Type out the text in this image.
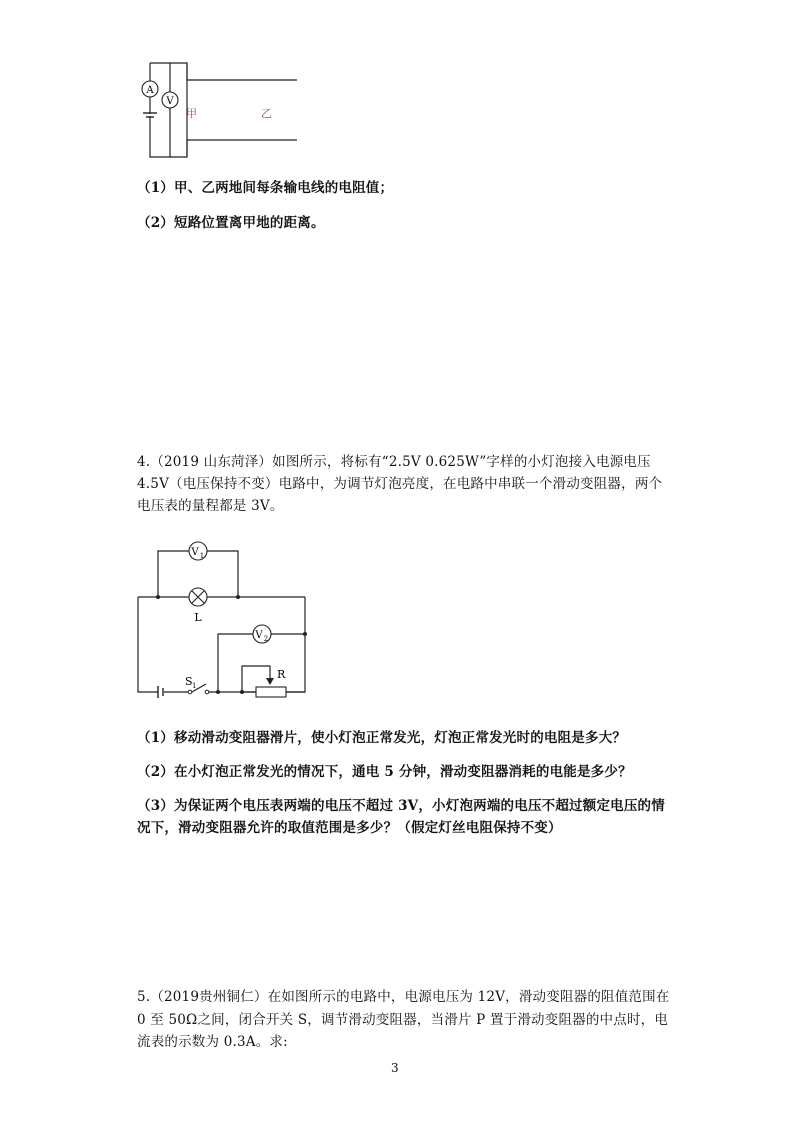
A
V
甲	乙
（1）甲、乙两地间每条输电线的电阻值；
（2）短路位置离甲地的距离。
4.（2019 山东菏泽）如图所示，将标有“2.5V 0.625W”字样的小灯泡接入电源电压
4.5V（电压保持不变）电路中，为调节灯泡亮度，在电路中串联一个滑动变阻器，两个
电压表的量程都是 3V。
V 1
L
V 2
S 1
R
（1）移动滑动变阻器滑片，使小灯泡正常发光，灯泡正常发光时的电阻是多大？
（2）在小灯泡正常发光的情况下，通电 5 分钟，滑动变阻器消耗的电能是多少？
（3）为保证两个电压表两端的电压不超过 3V，小灯泡两端的电压不超过额定电压的情
况下，滑动变阻器允许的取值范围是多少？（假定灯丝电阻保持不变）
5.（2019贵州铜仁）在如图所示的电路中，电源电压为 12V，滑动变阻器的阻值范围在
0 至 50Ω之间，闭合开关 S，调节滑动变阻器，当滑片 P 置于滑动变阻器的中点时，电
流表的示数为 0.3A。求:
3
